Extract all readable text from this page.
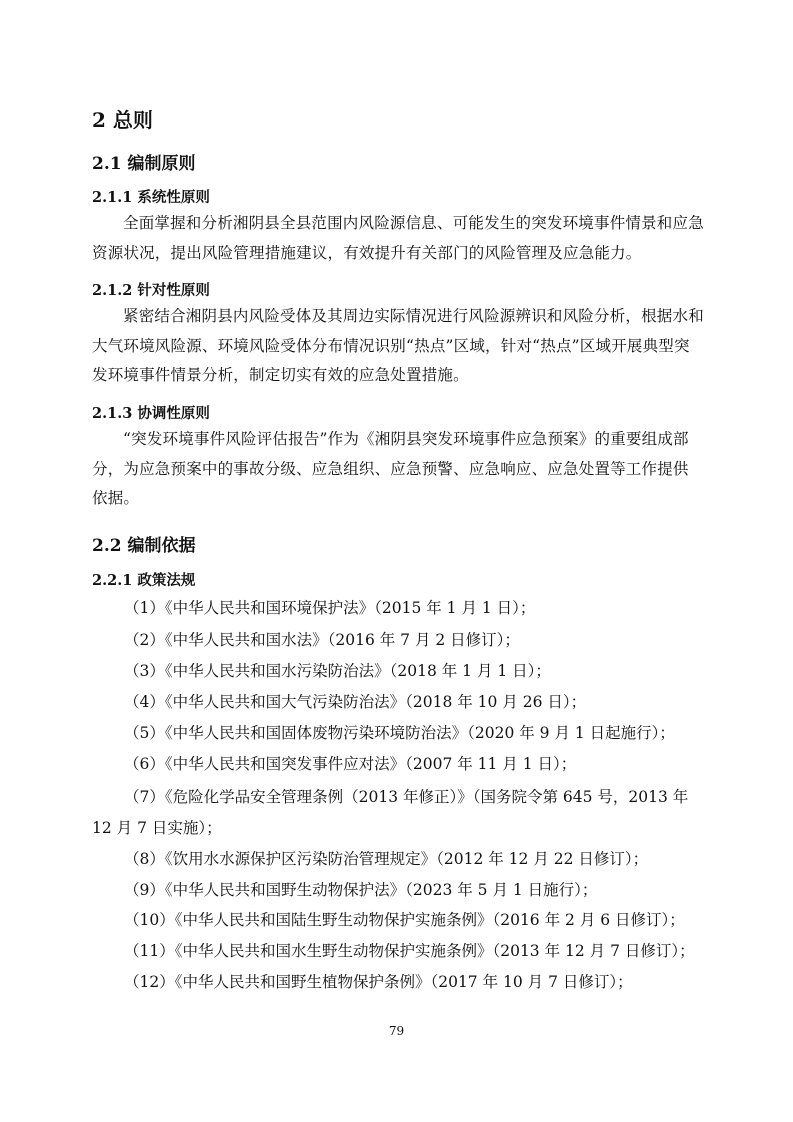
2 总则
2.1 编制原则
2.1.1 系统性原则
全面掌握和分析湘阴县全县范围内风险源信息、可能发生的突发环境事件情景和应急资源状况，提出风险管理措施建议，有效提升有关部门的风险管理及应急能力。
2.1.2 针对性原则
紧密结合湘阴县内风险受体及其周边实际情况进行风险源辨识和风险分析，根据水和大气环境风险源、环境风险受体分布情况识别“热点”区域，针对“热点”区域开展典型突发环境事件情景分析，制定切实有效的应急处置措施。
2.1.3 协调性原则
“突发环境事件风险评估报告”作为《湘阴县突发环境事件应急预案》的重要组成部分，为应急预案中的事故分级、应急组织、应急预警、应急响应、应急处置等工作提供依据。
2.2 编制依据
2.2.1 政策法规
（1）《中华人民共和国环境保护法》（2015 年 1 月 1 日）；
（2）《中华人民共和国水法》（2016 年 7 月 2 日修订）；
（3）《中华人民共和国水污染防治法》（2018 年 1 月 1 日）；
（4）《中华人民共和国大气污染防治法》（2018 年 10 月 26 日）；
（5）《中华人民共和国固体废物污染环境防治法》（2020 年 9 月 1 日起施行）；
（6）《中华人民共和国突发事件应对法》（2007 年 11 月 1 日）；
（7）《危险化学品安全管理条例（2013 年修正）》（国务院令第 645 号，2013 年
12 月 7 日实施）；
（8）《饮用水水源保护区污染防治管理规定》（2012 年 12 月 22 日修订）；
（9）《中华人民共和国野生动物保护法》（2023 年 5 月 1 日施行）；
（10）《中华人民共和国陆生野生动物保护实施条例》（2016 年 2 月 6 日修订）；
（11）《中华人民共和国水生野生动物保护实施条例》（2013 年 12 月 7 日修订）；
（12）《中华人民共和国野生植物保护条例》（2017 年 10 月 7 日修订）；
79
